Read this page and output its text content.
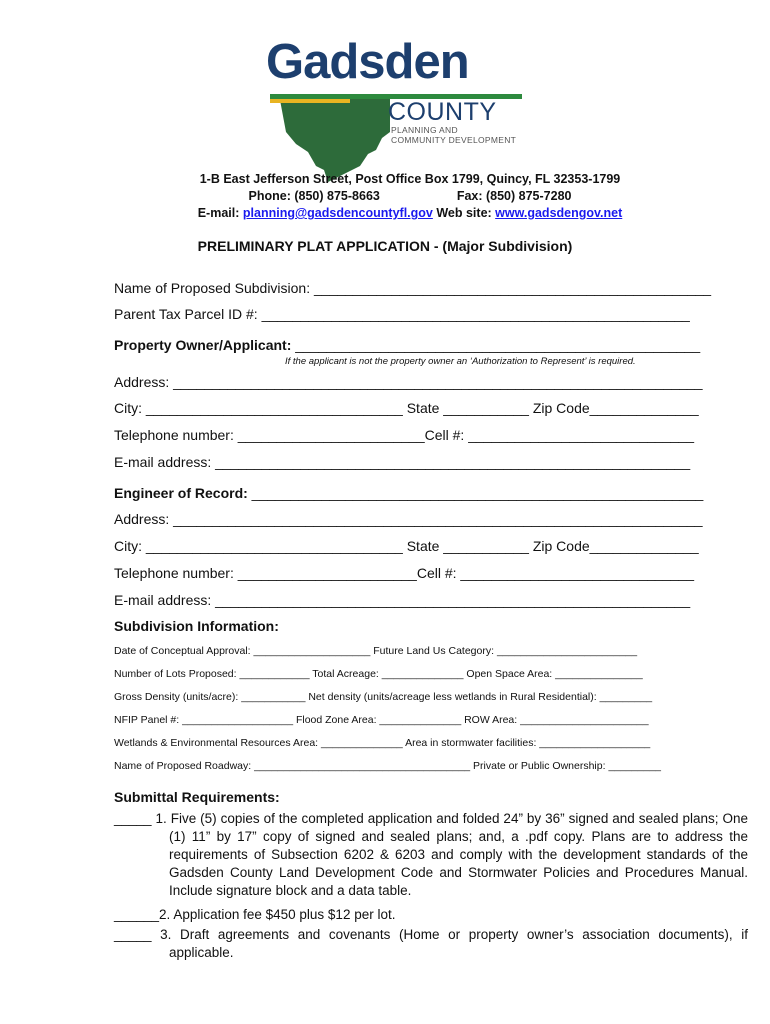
Gadsden
COUNTY
PLANNING AND
COMMUNITY DEVELOPMENT
1-B East Jefferson Street, Post Office Box 1799, Quincy, FL 32353-1799
Phone: (850) 875-8663	Fax: (850) 875-7280
E-mail: planning@gadsdencountyfl.gov Web site: www.gadsdengov.net
PRELIMINARY PLAT APPLICATION - (Major Subdivision)
Name of Proposed Subdivision: ___________________________________________________
Parent Tax Parcel ID #: _______________________________________________________
Property Owner/Applicant: ____________________________________________________
If the applicant is not the property owner an ‘Authorization to Represent’ is required.
Address: ____________________________________________________________________
City: _________________________________ State ___________ Zip Code______________
Telephone number: ________________________Cell #: _____________________________
E-mail address: _____________________________________________________________
Engineer of Record: __________________________________________________________
Address: ____________________________________________________________________
City: _________________________________ State ___________ Zip Code______________
Telephone number: _______________________Cell #: ______________________________
E-mail address: _____________________________________________________________
Subdivision Information:
Date of Conceptual Approval: ____________________ Future Land Us Category: ________________________
Number of Lots Proposed: ____________ Total Acreage: ______________ Open Space Area: _______________
Gross Density (units/acre): ___________ Net density (units/acreage less wetlands in Rural Residential): _________
NFIP Panel #: ___________________ Flood Zone Area: ______________ ROW Area: ______________________
Wetlands & Environmental Resources Area: ______________ Area in stormwater facilities: ___________________
Name of Proposed Roadway: _____________________________________ Private or Public Ownership: _________
Submittal Requirements:
_____ 1. Five (5) copies of the completed application and folded 24” by 36” signed and sealed plans; One (1) 11” by 17” copy of signed and sealed plans; and, a .pdf copy. Plans are to address the requirements of Subsection 6202 & 6203 and comply with the development standards of the Gadsden County Land Development Code and Stormwater Policies and Procedures Manual. Include signature block and a data table.
______2. Application fee $450 plus $12 per lot.
_____ 3. Draft agreements and covenants (Home or property owner’s association documents), if applicable.
